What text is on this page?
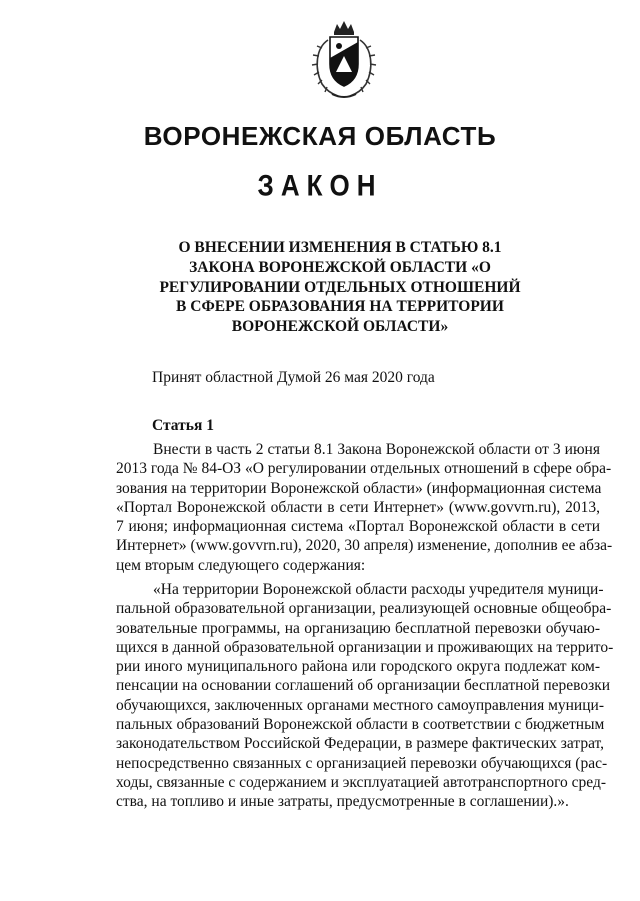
ВОРОНЕЖСКАЯ ОБЛАСТЬ
ЗАКОН
О ВНЕСЕНИИ ИЗМЕНЕНИЯ В СТАТЬЮ 8.1
ЗАКОНА ВОРОНЕЖСКОЙ ОБЛАСТИ «О
РЕГУЛИРОВАНИИ ОТДЕЛЬНЫХ ОТНОШЕНИЙ
В СФЕРЕ ОБРАЗОВАНИЯ НА ТЕРРИТОРИИ
ВОРОНЕЖСКОЙ ОБЛАСТИ»
Принят областной Думой 26 мая 2020 года
Статья 1
Внести в часть 2 статьи 8.1 Закона Воронежской области от 3 июня
2013 года № 84-ОЗ «О регулировании отдельных отношений в сфере обра-
зования на территории Воронежской области» (информационная система
«Портал Воронежской области в сети Интернет» (www.govvrn.ru), 2013,
7 июня; информационная система «Портал Воронежской области в сети
Интернет» (www.govvrn.ru), 2020, 30 апреля) изменение, дополнив ее абза-
цем вторым следующего содержания:
«На территории Воронежской области расходы учредителя муници-
пальной образовательной организации, реализующей основные общеобра-
зовательные программы, на организацию бесплатной перевозки обучаю-
щихся в данной образовательной организации и проживающих на террито-
рии иного муниципального района или городского округа подлежат ком-
пенсации на основании соглашений об организации бесплатной перевозки
обучающихся, заключенных органами местного самоуправления муници-
пальных образований Воронежской области в соответствии с бюджетным
законодательством Российской Федерации, в размере фактических затрат,
непосредственно связанных с организацией перевозки обучающихся (рас-
ходы, связанные с содержанием и эксплуатацией автотранспортного сред-
ства, на топливо и иные затраты, предусмотренные в соглашении).».
